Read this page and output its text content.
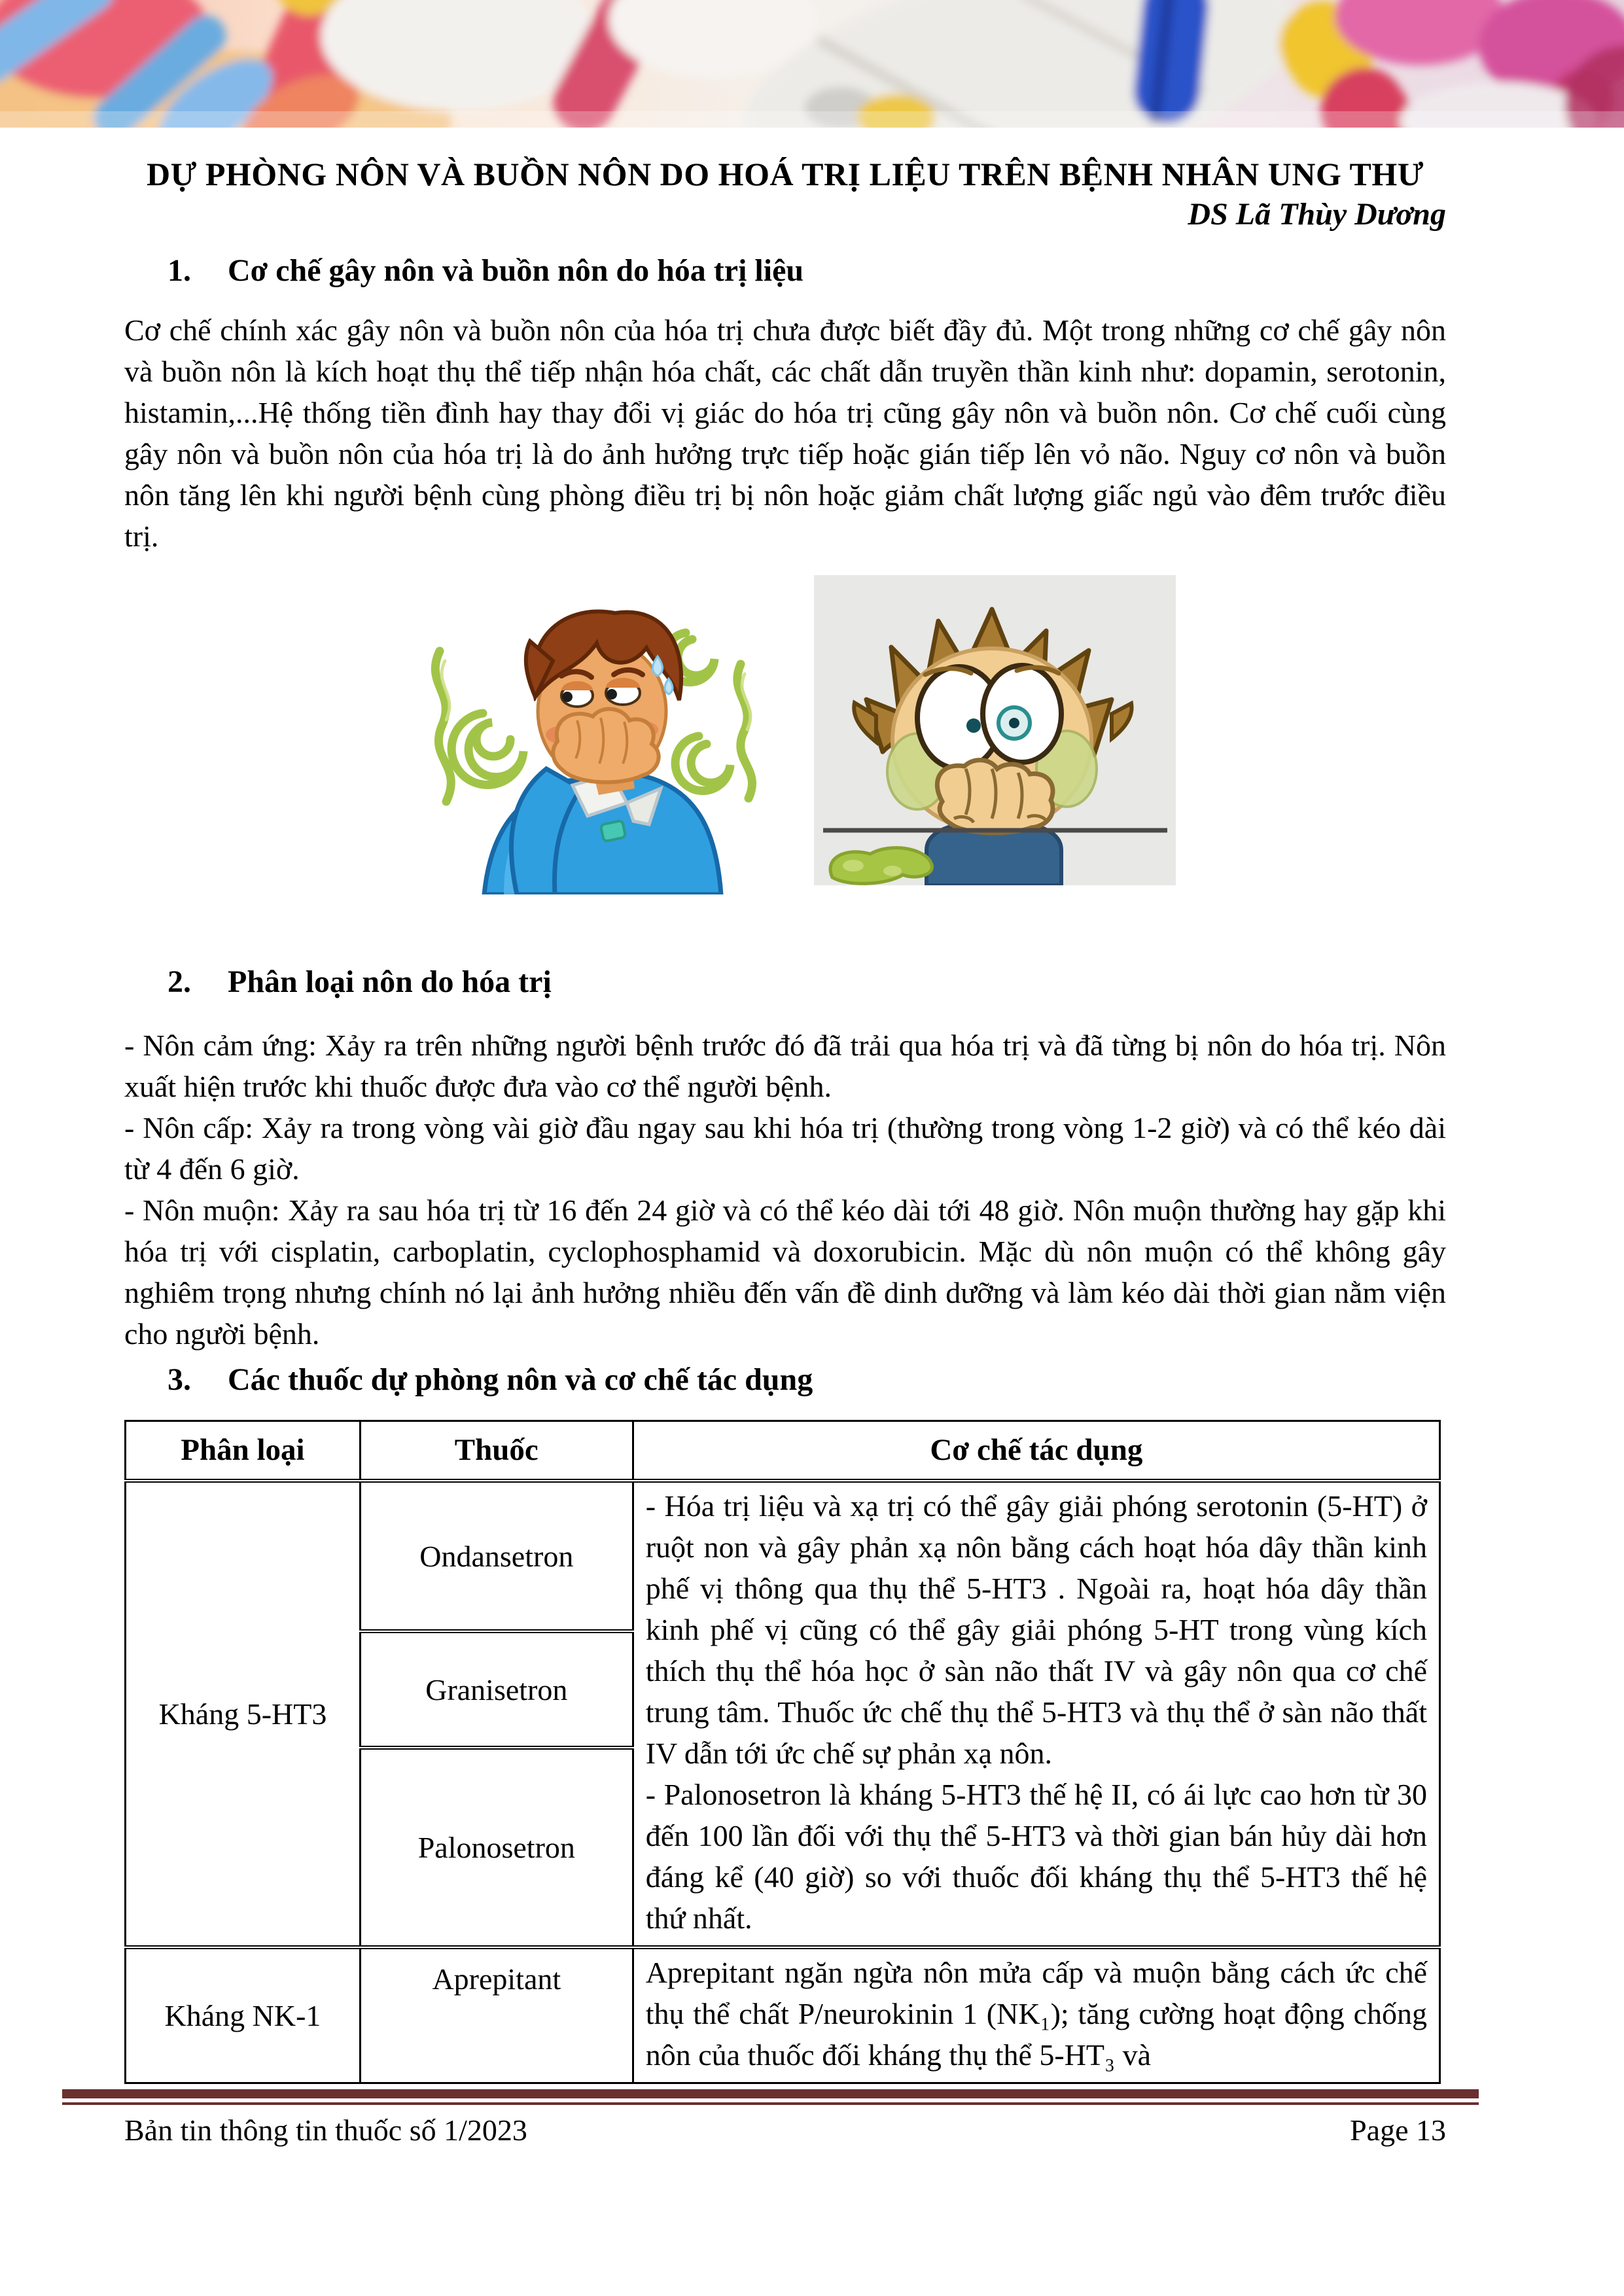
DỰ PHÒNG NÔN VÀ BUỒN NÔN DO HOÁ TRỊ LIỆU TRÊN BỆNH NHÂN UNG THƯ
DS Lã Thùy Dương
1. Cơ chế gây nôn và buồn nôn do hóa trị liệu
Cơ chế chính xác gây nôn và buồn nôn của hóa trị chưa được biết đầy đủ. Một trong những cơ chế gây nôn và buồn nôn là kích hoạt thụ thể tiếp nhận hóa chất, các chất dẫn truyền thần kinh như: dopamin, serotonin, histamin,...Hệ thống tiền đình hay thay đổi vị giác do hóa trị cũng gây nôn và buồn nôn. Cơ chế cuối cùng gây nôn và buồn nôn của hóa trị là do ảnh hưởng trực tiếp hoặc gián tiếp lên vỏ não. Nguy cơ nôn và buồn nôn tăng lên khi người bệnh cùng phòng điều trị bị nôn hoặc giảm chất lượng giấc ngủ vào đêm trước điều trị.
2. Phân loại nôn do hóa trị

- Nôn cảm ứng: Xảy ra trên những người bệnh trước đó đã trải qua hóa trị và đã từng bị nôn do hóa trị. Nôn xuất hiện trước khi thuốc được đưa vào cơ thể người bệnh.

- Nôn cấp: Xảy ra trong vòng vài giờ đầu ngay sau khi hóa trị (thường trong vòng 1-2 giờ) và có thể kéo dài từ 4 đến 6 giờ.

- Nôn muộn: Xảy ra sau hóa trị từ 16 đến 24 giờ và có thể kéo dài tới 48 giờ. Nôn muộn thường hay gặp khi hóa trị với cisplatin, carboplatin, cyclophosphamid và doxorubicin. Mặc dù nôn muộn có thể không gây nghiêm trọng nhưng chính nó lại ảnh hưởng nhiều đến vấn đề dinh dưỡng và làm kéo dài thời gian nằm viện cho người bệnh.

3. Các thuốc dự phòng nôn và cơ chế tác dụng
Phân loại	Thuốc	Cơ chế tác dụng
Kháng 5-HT3	Ondansetron	- Hóa trị liệu và xạ trị có thể gây giải phóng serotonin (5-HT) ở ruột non và gây phản xạ nôn bằng cách hoạt hóa dây thần kinh phế vị thông qua thụ thể 5-HT3 . Ngoài ra, hoạt hóa dây thần kinh phế vị cũng có thể gây giải phóng 5-HT trong vùng kích thích thụ thể hóa học ở sàn não thất IV và gây nôn qua cơ chế trung tâm. Thuốc ức chế thụ thể 5-HT3 và thụ thể ở sàn não thất IV dẫn tới ức chế sự phản xạ nôn.

- Palonosetron là kháng 5-HT3 thế hệ II, có ái lực cao hơn từ 30 đến 100 lần đối với thụ thể 5-HT3 và thời gian bán hủy dài hơn đáng kể (40 giờ) so với thuốc đối kháng thụ thể 5-HT3 thế hệ thứ nhất.

	Granisetron	
	Palonosetron	
Kháng NK-1	Aprepitant	Aprepitant ngăn ngừa nôn mửa cấp và muộn bằng cách ức chế thụ thể chất P/neurokinin 1 (NK₁); tăng cường hoạt động chống nôn của thuốc đối kháng thụ thể 5-HT₃ và
Bản tin thông tin thuốc số 1/2023	Page 13
